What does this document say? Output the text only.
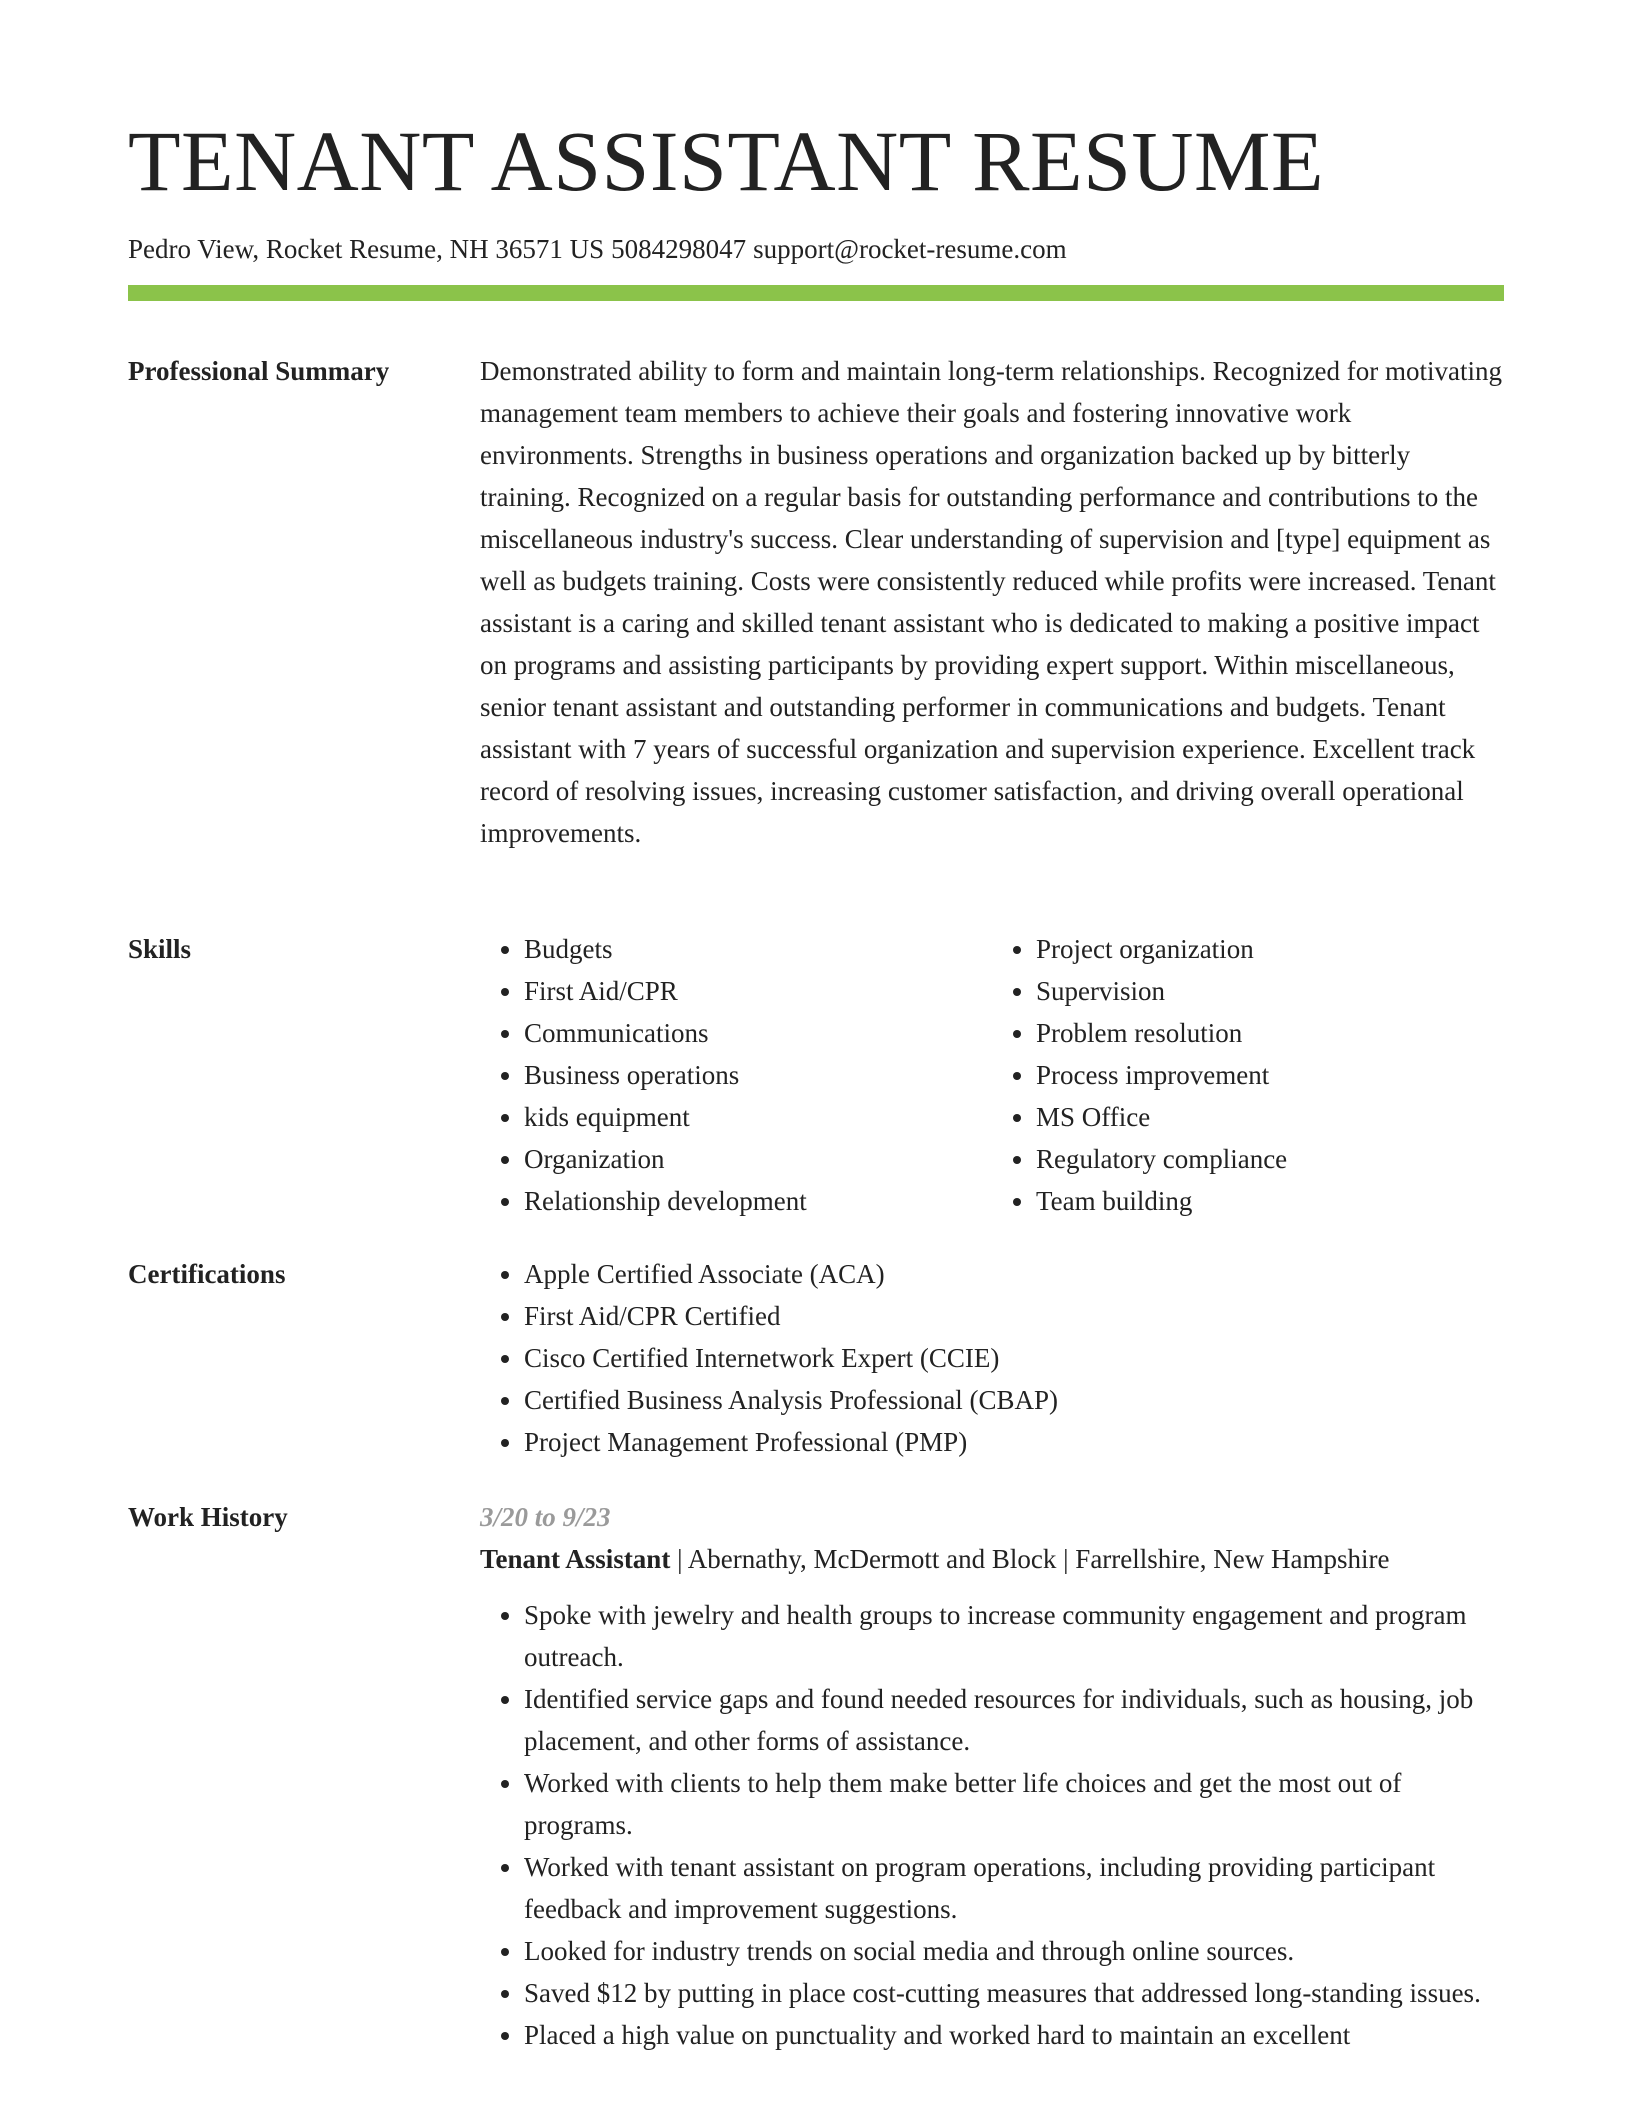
TENANT ASSISTANT RESUME
Pedro View, Rocket Resume, NH 36571 US 5084298047 support@rocket-resume.com
Professional Summary	Demonstrated ability to form and maintain long-term relationships. Recognized for motivating management team members to achieve their goals and fostering innovative work environments. Strengths in business operations and organization backed up by bitterly training. Recognized on a regular basis for outstanding performance and contributions to the miscellaneous industry's success. Clear understanding of supervision and [type] equipment as well as budgets training. Costs were consistently reduced while profits were increased. Tenant assistant is a caring and skilled tenant assistant who is dedicated to making a positive impact on programs and assisting participants by providing expert support. Within miscellaneous, senior tenant assistant and outstanding performer in communications and budgets. Tenant assistant with 7 years of successful organization and supervision experience. Excellent track record of resolving issues, increasing customer satisfaction, and driving overall operational improvements.

Skills	• Budgets
• First Aid/CPR
• Communications
• Business operations
• kids equipment
• Organization
• Relationship development
• Project organization
• Supervision
• Problem resolution
• Process improvement
• MS Office
• Regulatory compliance
• Team building
Certifications	• Apple Certified Associate (ACA)
• First Aid/CPR Certified
• Cisco Certified Internetwork Expert (CCIE)
• Certified Business Analysis Professional (CBAP)
• Project Management Professional (PMP)
Work History	3/20 to 9/23
Tenant Assistant | Abernathy, McDermott and Block | Farrellshire, New Hampshire
• Spoke with jewelry and health groups to increase community engagement and program outreach.
• Identified service gaps and found needed resources for individuals, such as housing, job placement, and other forms of assistance.
• Worked with clients to help them make better life choices and get the most out of programs.
• Worked with tenant assistant on program operations, including providing participant feedback and improvement suggestions.
• Looked for industry trends on social media and through online sources.
• Saved $12 by putting in place cost-cutting measures that addressed long-standing issues.
• Placed a high value on punctuality and worked hard to maintain an excellent
